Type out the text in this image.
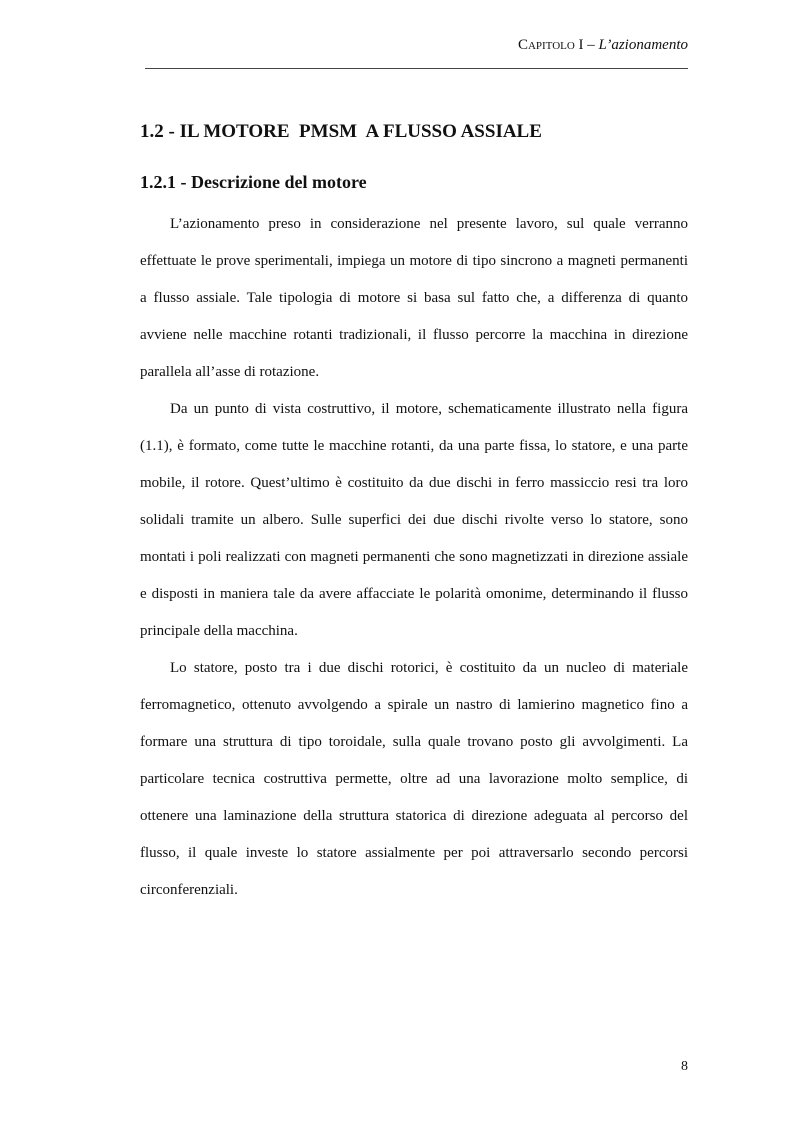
Capitolo I – L’azionamento
1.2 - IL MOTORE  PMSM  A FLUSSO ASSIALE
1.2.1 - Descrizione del motore

L’azionamento preso in considerazione nel presente lavoro, sul quale verranno effettuate le prove sperimentali, impiega un motore di tipo sincrono a magneti permanenti a flusso assiale. Tale tipologia di motore si basa sul fatto che, a differenza di quanto avviene nelle macchine rotanti tradizionali, il flusso percorre la macchina in direzione parallela all’asse di rotazione.

Da un punto di vista costruttivo, il motore, schematicamente illustrato nella figura (1.1), è formato, come tutte le macchine rotanti, da una parte fissa, lo statore, e una parte mobile, il rotore. Quest’ultimo è costituito da due dischi in ferro massiccio resi tra loro solidali tramite un albero. Sulle superfici dei due dischi rivolte verso lo statore, sono montati i poli realizzati con magneti permanenti che sono magnetizzati in direzione assiale e disposti in maniera tale da avere affacciate le polarità omonime, determinando il flusso principale della macchina.

Lo statore, posto tra i due dischi rotorici, è costituito da un nucleo di materiale ferromagnetico, ottenuto avvolgendo a spirale un nastro di lamierino magnetico fino a formare una struttura di tipo toroidale, sulla quale trovano posto gli avvolgimenti. La particolare tecnica costruttiva permette, oltre ad una lavorazione molto semplice, di ottenere una laminazione della struttura statorica di direzione adeguata al percorso del flusso, il quale investe lo statore assialmente per poi attraversarlo secondo percorsi circonferenziali.

8
